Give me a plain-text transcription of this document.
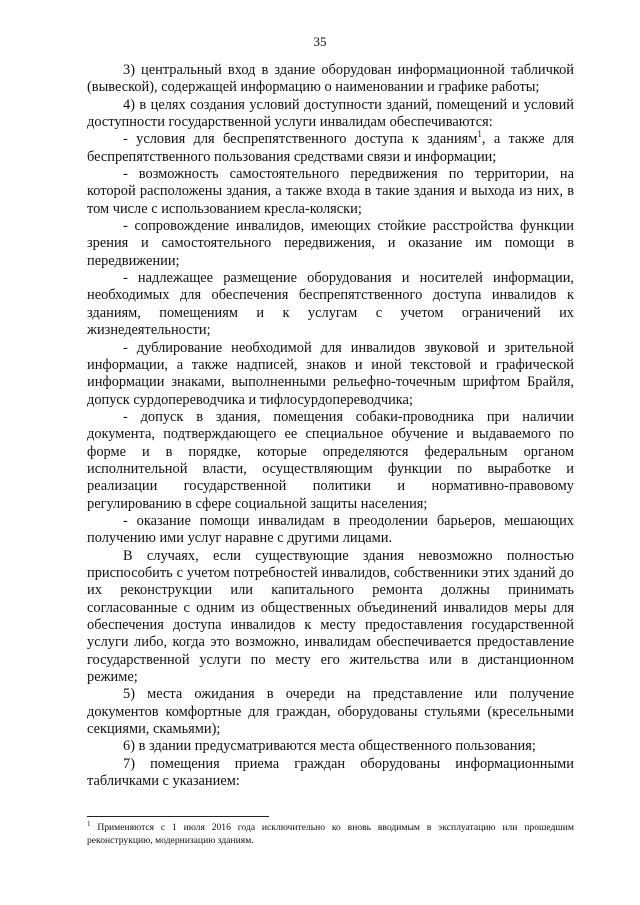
35

3) центральный вход в здание оборудован информационной табличкой (вывеской), содержащей информацию о наименовании и графике работы;

4) в целях создания условий доступности зданий, помещений и условий доступности государственной услуги инвалидам обеспечиваются:

- условия для беспрепятственного доступа к зданиям$^1$, а также для беспрепятственного пользования средствами связи и информации;

- возможность самостоятельного передвижения по территории, на которой расположены здания, а также входа в такие здания и выхода из них, в том числе с использованием кресла-коляски;

- сопровождение инвалидов, имеющих стойкие расстройства функции зрения и самостоятельного передвижения, и оказание им помощи в передвижении;

- надлежащее размещение оборудования и носителей информации, необходимых для обеспечения беспрепятственного доступа инвалидов к зданиям, помещениям и к услугам с учетом ограничений их жизнедеятельности;

- дублирование необходимой для инвалидов звуковой и зрительной информации, а также надписей, знаков и иной текстовой и графической информации знаками, выполненными рельефно-точечным шрифтом Брайля, допуск сурдопереводчика и тифлосурдопереводчика;

- допуск в здания, помещения собаки-проводника при наличии документа, подтверждающего ее специальное обучение и выдаваемого по форме и в порядке, которые определяются федеральным органом исполнительной власти, осуществляющим функции по выработке и реализации государственной политики и нормативно-правовому регулированию в сфере социальной защиты населения;

- оказание помощи инвалидам в преодолении барьеров, мешающих получению ими услуг наравне с другими лицами.

В случаях, если существующие здания невозможно полностью приспособить с учетом потребностей инвалидов, собственники этих зданий до их реконструкции или капитального ремонта должны принимать согласованные с одним из общественных объединений инвалидов меры для обеспечения доступа инвалидов к месту предоставления государственной услуги либо, когда это возможно, инвалидам обеспечивается предоставление государственной услуги по месту его жительства или в дистанционном режиме;

5) места ожидания в очереди на представление или получение документов комфортные для граждан, оборудованы стульями (кресельными секциями, скамьями);

6) в здании предусматриваются места общественного пользования;

7) помещения приема граждан оборудованы информационными табличками с указанием:

$^1$ Применяются с 1 июля 2016 года исключительно ко вновь вводимым в эксплуатацию или прошедшим реконструкцию, модернизацию зданиям.
